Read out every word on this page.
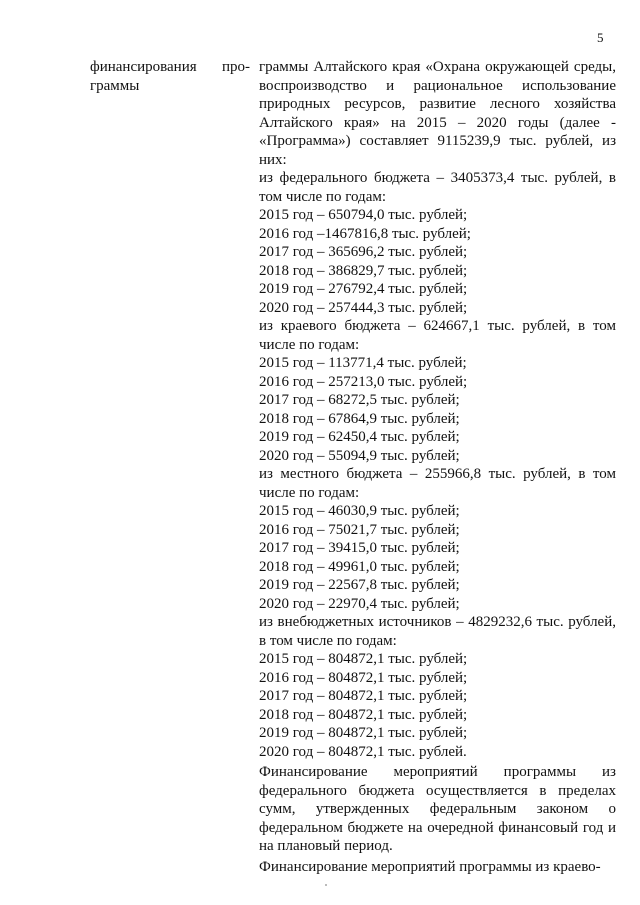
5
финансирования про-
граммы

граммы Алтайского края «Охрана окружающей среды, воспроизводство и рациональное использование природных ресурсов, развитие лесного хозяйства Алтайского края» на 2015 – 2020 годы (далее - «Программа») составляет 9115239,9 тыс. рублей, из них:

из федерального бюджета – 3405373,4 тыс. рублей, в том числе по годам:

2015 год – 650794,0 тыс. рублей;

2016 год –1467816,8 тыс. рублей;

2017 год – 365696,2 тыс. рублей;

2018 год – 386829,7 тыс. рублей;

2019 год – 276792,4 тыс. рублей;

2020 год – 257444,3 тыс. рублей;

из краевого бюджета – 624667,1 тыс. рублей, в том числе по годам:

2015 год – 113771,4 тыс. рублей;

2016 год – 257213,0 тыс. рублей;

2017 год – 68272,5 тыс. рублей;

2018 год – 67864,9 тыс. рублей;

2019 год – 62450,4 тыс. рублей;

2020 год – 55094,9 тыс. рублей;

из местного бюджета – 255966,8 тыс. рублей, в том числе по годам:

2015 год – 46030,9 тыс. рублей;

2016 год – 75021,7 тыс. рублей;

2017 год – 39415,0 тыс. рублей;

2018 год – 49961,0 тыс. рублей;

2019 год – 22567,8 тыс. рублей;

2020 год – 22970,4 тыс. рублей;

из внебюджетных источников – 4829232,6 тыс. рублей, в том числе по годам:

2015 год – 804872,1 тыс. рублей;

2016 год – 804872,1 тыс. рублей;

2017 год – 804872,1 тыс. рублей;

2018 год – 804872,1 тыс. рублей;

2019 год – 804872,1 тыс. рублей;

2020 год – 804872,1 тыс. рублей.

Финансирование мероприятий программы из федерального бюджета осуществляется в пределах сумм, утвержденных федеральным законом о федеральном бюджете на очередной финансовый год и на плановый период.

Финансирование мероприятий программы из краево-
